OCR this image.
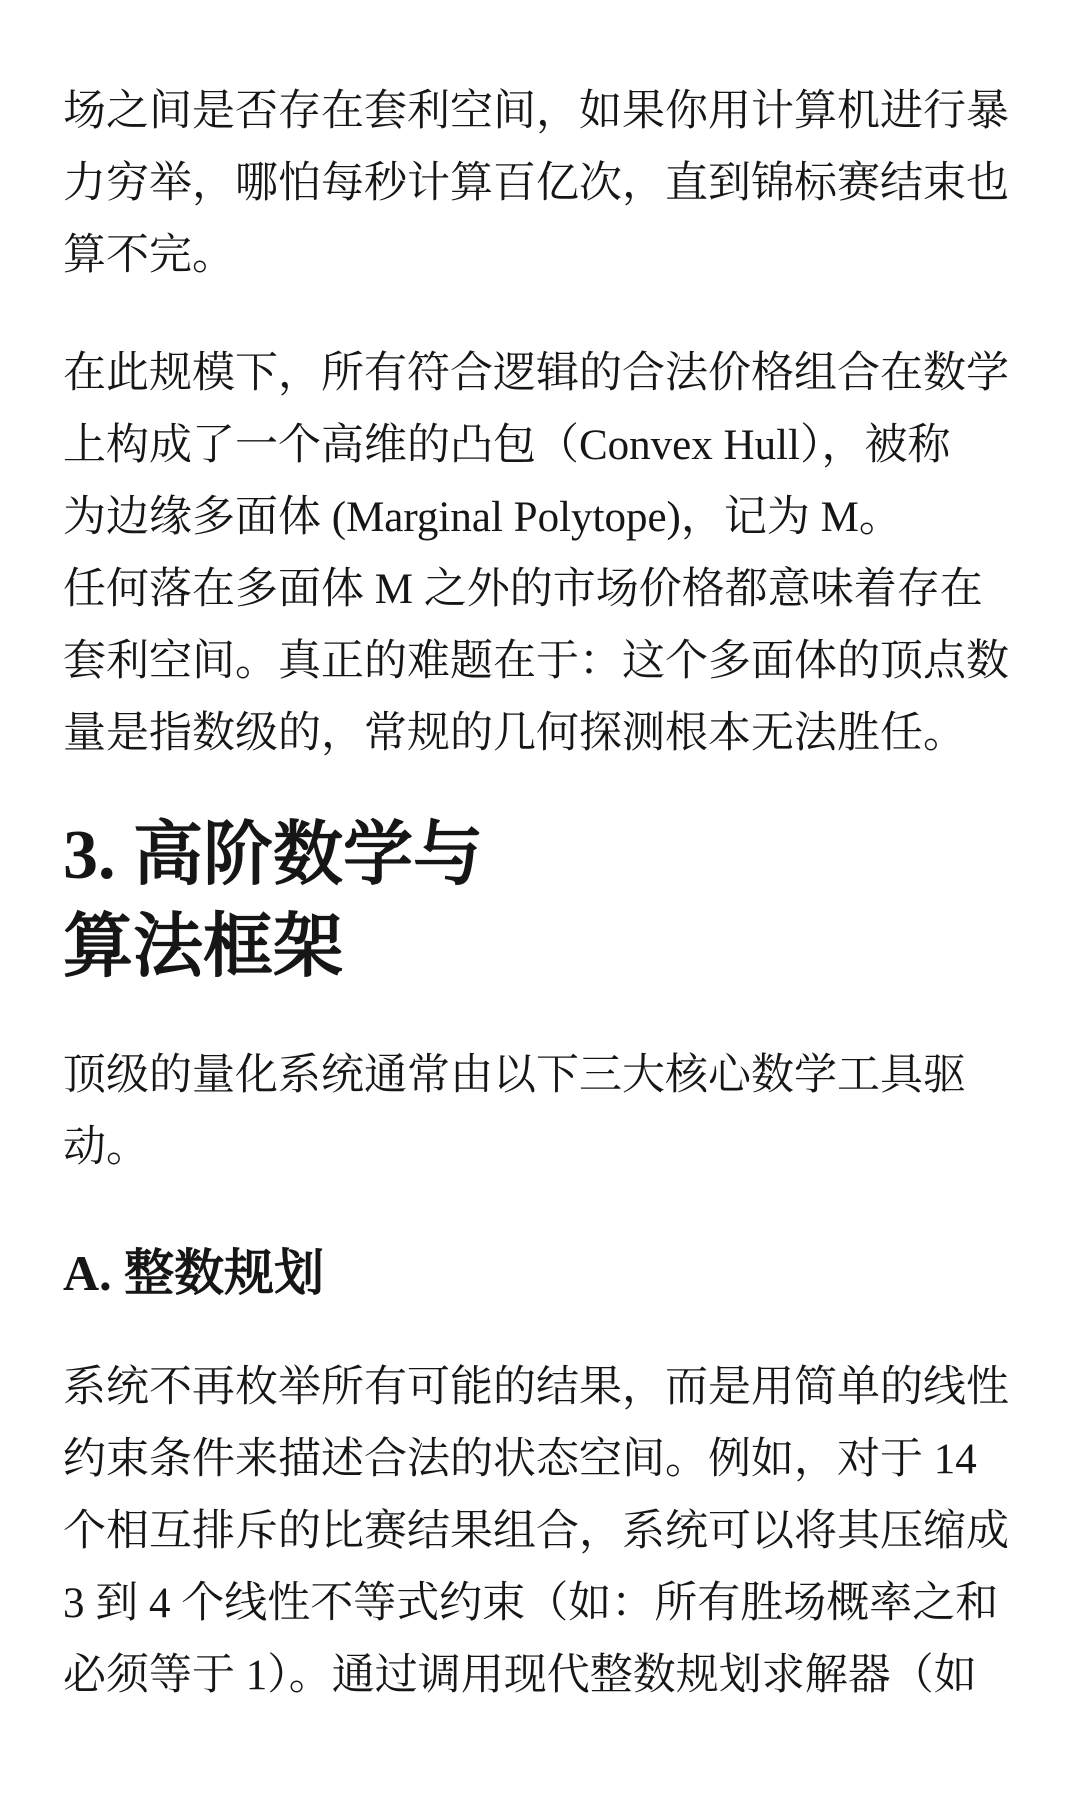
场之间是否存在套利空间，如果你用计算机进行暴
力穷举，哪怕每秒计算百亿次，直到锦标赛结束也
算不完。
在此规模下，所有符合逻辑的合法价格组合在数学
上构成了一个高维的凸包（Convex Hull），被称
为边缘多面体 (Marginal Polytope)，记为 M。
任何落在多面体 M 之外的市场价格都意味着存在
套利空间。真正的难题在于：这个多面体的顶点数
量是指数级的，常规的几何探测根本无法胜任。
3. 高阶数学与
算法框架
顶级的量化系统通常由以下三大核心数学工具驱
动。
A. 整数规划
系统不再枚举所有可能的结果，而是用简单的线性
约束条件来描述合法的状态空间。例如，对于 14
个相互排斥的比赛结果组合，系统可以将其压缩成
3 到 4 个线性不等式约束（如：所有胜场概率之和
必须等于 1）。通过调用现代整数规划求解器（如
